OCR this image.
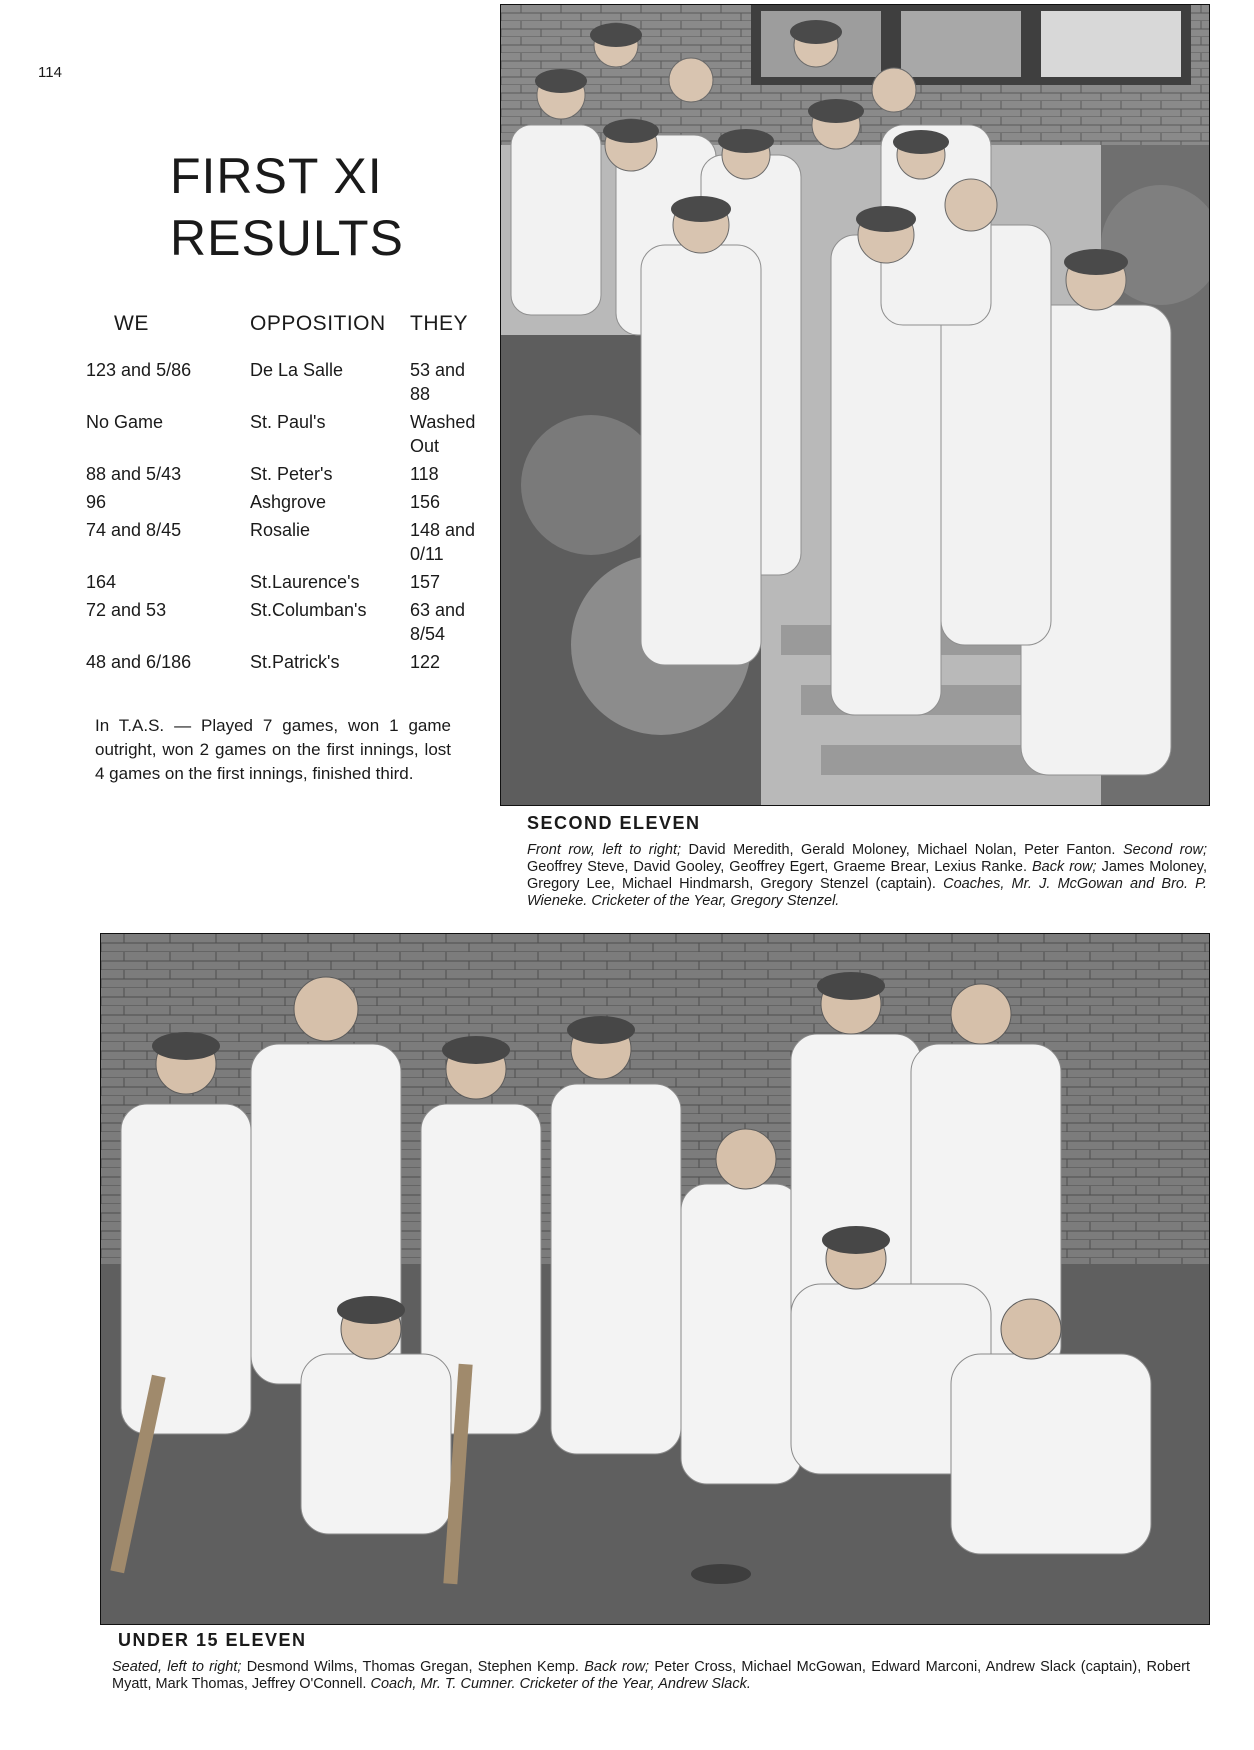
114
FIRST XI
RESULTS
WE	OPPOSITION	THEY
123 and 5/86	De La Salle	53 and       88
No Game	St. Paul's	Washed Out
88 and 5/43	St. Peter's	118
96	Ashgrove	156
74 and 8/45	Rosalie	148 and 0/11
164	St.Laurence's	157
72 and 53	St.Columban's	63 and 8/54
48 and 6/186	St.Patrick's	122

In T.A.S. — Played 7 games, won 1 game outright, won 2 games on the first innings, lost 4 games on the first innings, finished third.

SECOND ELEVEN

Front row, left to right; David Meredith, Gerald Moloney, Michael Nolan, Peter Fanton. Second row; Geoffrey Steve, David Gooley, Geoffrey Egert, Graeme Brear, Lexius Ranke. Back row; James Moloney, Gregory Lee, Michael Hindmarsh, Gregory Stenzel (captain). Coaches, Mr. J. McGowan and Bro. P. Wieneke. Cricketer of the Year, Gregory Stenzel.

UNDER 15 ELEVEN

Seated, left to right; Desmond Wilms, Thomas Gregan, Stephen Kemp. Back row; Peter Cross, Michael McGowan, Edward Marconi, Andrew Slack (captain), Robert Myatt, Mark Thomas, Jeffrey O'Connell. Coach, Mr. T. Cumner. Cricketer of the Year, Andrew Slack.
